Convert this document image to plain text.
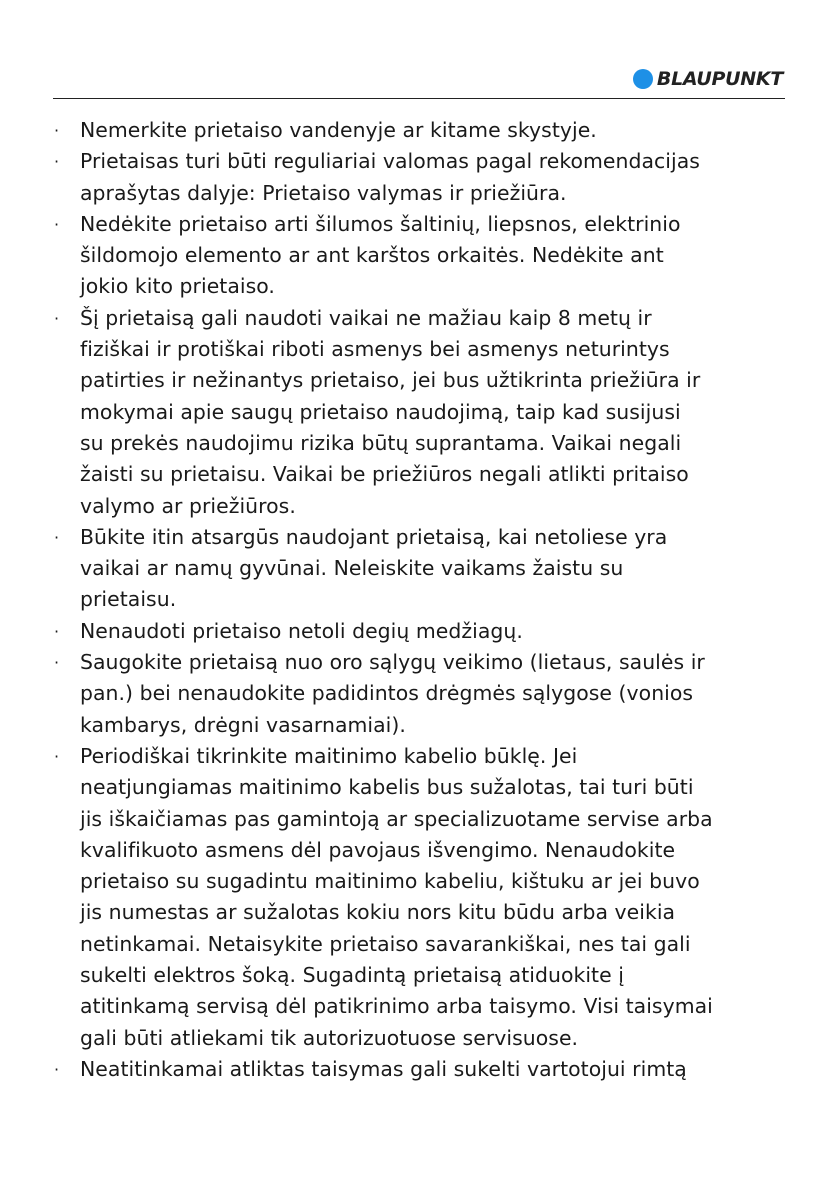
BLAUPUNKT
· Nemerkite prietaiso vandenyje ar kitame skystyje.
· Prietaisas turi būti reguliariai valomas pagal rekomendacijas
aprašytas dalyje: Prietaiso valymas ir priežiūra.
· Nedėkite prietaiso arti šilumos šaltinių, liepsnos, elektrinio
šildomojo elemento ar ant karštos orkaitės. Nedėkite ant
jokio kito prietaiso.
· Šį prietaisą gali naudoti vaikai ne mažiau kaip 8 metų ir
fiziškai ir protiškai riboti asmenys bei asmenys neturintys
patirties ir nežinantys prietaiso, jei bus užtikrinta priežiūra ir
mokymai apie saugų prietaiso naudojimą, taip kad susijusi
su prekės naudojimu rizika būtų suprantama. Vaikai negali
žaisti su prietaisu. Vaikai be priežiūros negali atlikti pritaiso
valymo ar priežiūros.
· Būkite itin atsargūs naudojant prietaisą, kai netoliese yra
vaikai ar namų gyvūnai. Neleiskite vaikams žaistu su
prietaisu.
· Nenaudoti prietaiso netoli degių medžiagų.
· Saugokite prietaisą nuo oro sąlygų veikimo (lietaus, saulės ir
pan.) bei nenaudokite padidintos drėgmės sąlygose (vonios
kambarys, drėgni vasarnamiai).
· Periodiškai tikrinkite maitinimo kabelio būklę. Jei
neatjungiamas maitinimo kabelis bus sužalotas, tai turi būti
jis iškaičiamas pas gamintoją ar specializuotame servise arba
kvalifikuoto asmens dėl pavojaus išvengimo. Nenaudokite
prietaiso su sugadintu maitinimo kabeliu, kištuku ar jei buvo
jis numestas ar sužalotas kokiu nors kitu būdu arba veikia
netinkamai. Netaisykite prietaiso savarankiškai, nes tai gali
sukelti elektros šoką. Sugadintą prietaisą atiduokite į
atitinkamą servisą dėl patikrinimo arba taisymo. Visi taisymai
gali būti atliekami tik autorizuotuose servisuose.
· Neatitinkamai atliktas taisymas gali sukelti vartotojui rimtą
